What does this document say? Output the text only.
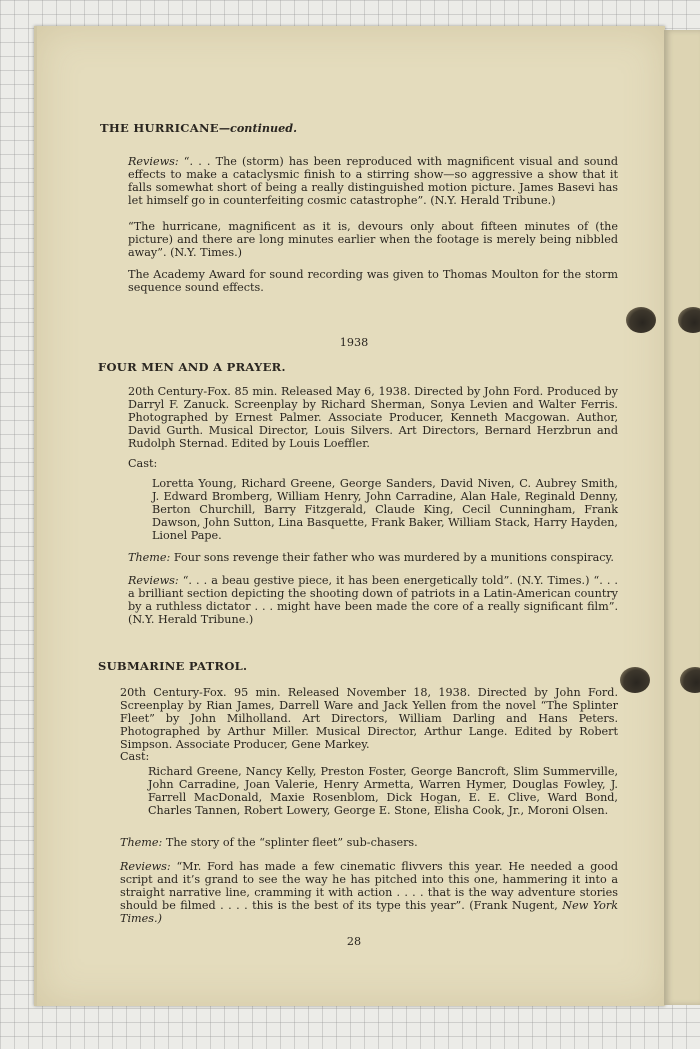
THE HURRICANE—continued.

Reviews: “. . . The (storm) has been reproduced with magnificent visual and sound effects to make a cataclysmic finish to a stirring show—so aggressive a show that it falls somewhat short of being a really distinguished motion picture. James Basevi has let himself go in counterfeiting cosmic catastrophe”. (N.Y. Herald Tribune.)

“The hurricane, magnificent as it is, devours only about fifteen minutes of (the picture) and there are long minutes earlier when the footage is merely being nibbled away”. (N.Y. Times.)

The Academy Award for sound recording was given to Thomas Moulton for the storm sequence sound effects.

1938
FOUR MEN AND A PRAYER.

20th Century-Fox. 85 min. Released May 6, 1938. Directed by John Ford. Produced by Darryl F. Zanuck. Screenplay by Richard Sherman, Sonya Levien and Walter Ferris. Photographed by Ernest Palmer. Associate Producer, Kenneth Macgowan. Author, David Gurth. Musical Director, Louis Silvers. Art Directors, Bernard Herzbrun and Rudolph Sternad. Edited by Louis Loeffler.

Cast:

Loretta Young, Richard Greene, George Sanders, David Niven, C. Aubrey Smith, J. Edward Bromberg, William Henry, John Carradine, Alan Hale, Reginald Denny, Berton Churchill, Barry Fitzgerald, Claude King, Cecil Cunningham, Frank Dawson, John Sutton, Lina Basquette, Frank Baker, William Stack, Harry Hayden, Lionel Pape.

Theme: Four sons revenge their father who was murdered by a munitions conspiracy.

Reviews: “. . . a beau gestive piece, it has been energetically told”. (N.Y. Times.) “. . . a brilliant section depicting the shooting down of patriots in a Latin-American country by a ruthless dictator . . . might have been made the core of a really significant film”. (N.Y. Herald Tribune.)

SUBMARINE PATROL.

20th Century-Fox. 95 min. Released November 18, 1938. Directed by John Ford. Screenplay by Rian James, Darrell Ware and Jack Yellen from the novel “The Splinter Fleet” by John Milholland. Art Directors, William Darling and Hans Peters. Photographed by Arthur Miller. Musical Director, Arthur Lange. Edited by Robert Simpson. Associate Producer, Gene Markey.

Cast:

Richard Greene, Nancy Kelly, Preston Foster, George Bancroft, Slim Summerville, John Carradine, Joan Valerie, Henry Armetta, Warren Hymer, Douglas Fowley, J. Farrell MacDonald, Maxie Rosenblom, Dick Hogan, E. E. Clive, Ward Bond, Charles Tannen, Robert Lowery, George E. Stone, Elisha Cook, Jr., Moroni Olsen.

Theme: The story of the “splinter fleet” sub-chasers.

Reviews: “Mr. Ford has made a few cinematic flivvers this year. He needed a good script and it’s grand to see the way he has pitched into this one, hammering it into a straight narrative line, cramming it with action . . . . that is the way adventure stories should be filmed . . . . this is the best of its type this year”. (Frank Nugent, New York Times.)

28
